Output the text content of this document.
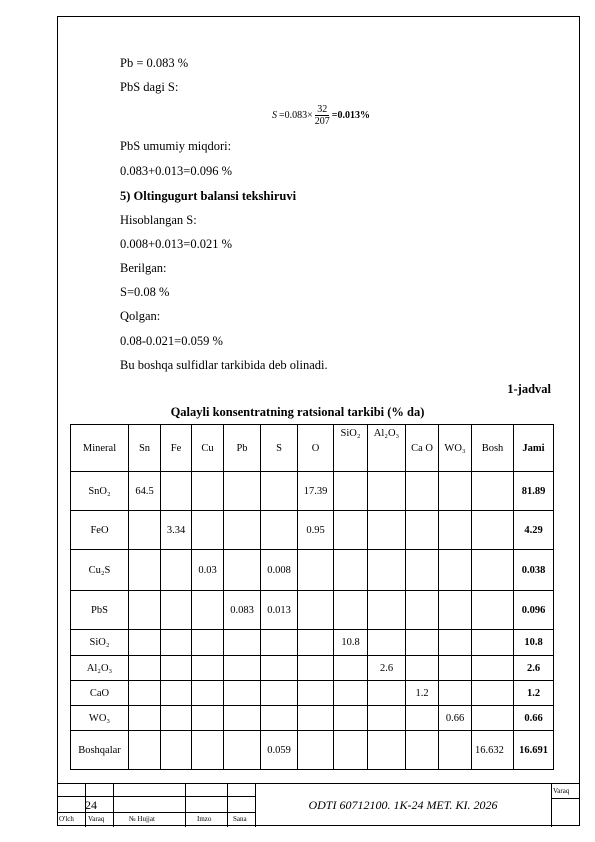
Pb = 0.083 %
PbS dagi S:
$S =0.083\times \frac{32}{207} =0.013\%$
PbS umumiy miqdori:
0.083+0.013=0.096 %
5) Oltingugurt balansi tekshiruvi
Hisoblangan S:
0.008+0.013=0.021 %
Berilgan:
S=0.08 %
Qolgan:
0.08-0.021=0.059 %
Bu boshqa sulfidlar tarkibida deb olinadi.
1-jadval
Qalayli konsentratning ratsional tarkibi (% da)
Mineral	Sn	Fe	Cu	Pb	S	O	SiO₂	Al₂O₃	Ca O	WO₃	Bosh	Jami
SnO₂	64.5					17.39						81.89
FeO		3.34				0.95						4.29
Cu₂S			0.03		0.008							0.038
PbS				0.083	0.013							0.096
SiO₂							10.8					10.8
Al₂O₃								2.6				2.6
CaO									1.2			1.2
WO₃										0.66		0.66
Boshqalar					0.059						16.632	16.691
24	ODTI 60712100. 1K-24 MET. KI. 2026
Varaq
O'lch Varaq	№ Hujjat	Imzo	Sana
